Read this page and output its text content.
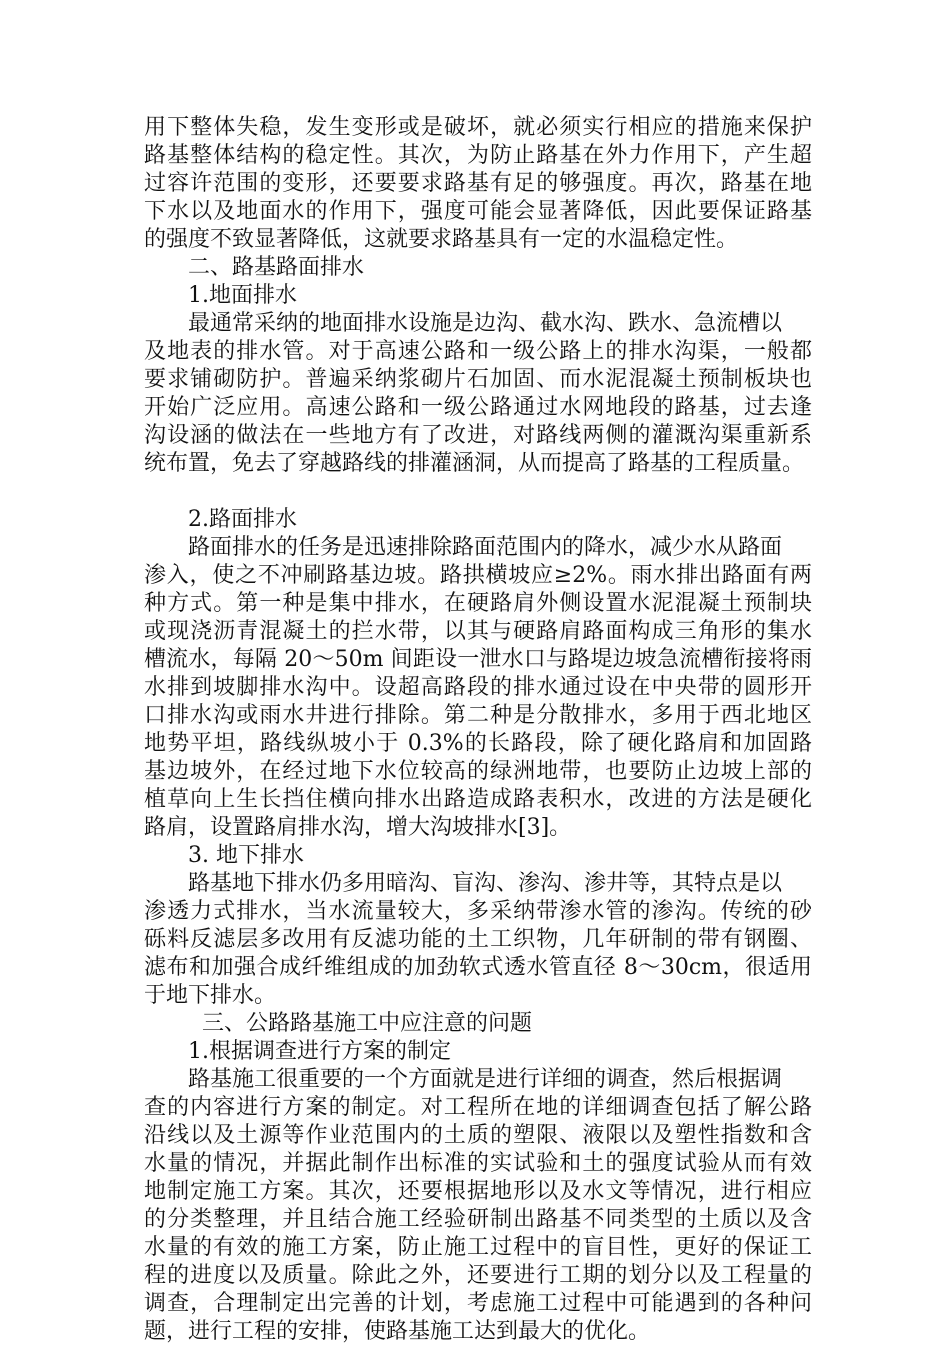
用下整体失稳，发生变形或是破坏，就必须实行相应的措施来保护
路基整体结构的稳定性。其次，为防止路基在外力作用下，产生超
过容许范围的变形，还要要求路基有足的够强度。再次，路基在地
下水以及地面水的作用下，强度可能会显著降低，因此要保证路基
的强度不致显著降低，这就要求路基具有一定的水温稳定性。
二、路基路面排水
1.地面排水
最通常采纳的地面排水设施是边沟、截水沟、跌水、急流槽以
及地表的排水管。对于高速公路和一级公路上的排水沟渠，一般都
要求铺砌防护。普遍采纳浆砌片石加固、而水泥混凝土预制板块也
开始广泛应用。高速公路和一级公路通过水网地段的路基，过去逢
沟设涵的做法在一些地方有了改进，对路线两侧的灌溉沟渠重新系
统布置，免去了穿越路线的排灌涵洞，从而提高了路基的工程质量。
2.路面排水
路面排水的任务是迅速排除路面范围内的降水，减少水从路面
渗入，使之不冲刷路基边坡。路拱横坡应≥2%。雨水排出路面有两
种方式。第一种是集中排水，在硬路肩外侧设置水泥混凝土预制块
或现浇沥青混凝土的拦水带，以其与硬路肩路面构成三角形的集水
槽流水，每隔 20～50m 间距设一泄水口与路堤边坡急流槽衔接将雨
水排到坡脚排水沟中。设超高路段的排水通过设在中央带的圆形开
口排水沟或雨水井进行排除。第二种是分散排水，多用于西北地区
地势平坦，路线纵坡小于 0.3%的长路段，除了硬化路肩和加固路
基边坡外，在经过地下水位较高的绿洲地带，也要防止边坡上部的
植草向上生长挡住横向排水出路造成路表积水，改进的方法是硬化
路肩，设置路肩排水沟，增大沟坡排水[3]。
3. 地下排水
路基地下排水仍多用暗沟、盲沟、渗沟、渗井等，其特点是以
渗透力式排水，当水流量较大，多采纳带渗水管的渗沟。传统的砂
砾料反滤层多改用有反滤功能的土工织物，几年研制的带有钢圈、
滤布和加强合成纤维组成的加劲软式透水管直径 8～30cm，很适用
于地下排水。
三、公路路基施工中应注意的问题
1.根据调查进行方案的制定
路基施工很重要的一个方面就是进行详细的调查，然后根据调
查的内容进行方案的制定。对工程所在地的详细调查包括了解公路
沿线以及土源等作业范围内的土质的塑限、液限以及塑性指数和含
水量的情况，并据此制作出标准的实试验和土的强度试验从而有效
地制定施工方案。其次，还要根据地形以及水文等情况，进行相应
的分类整理，并且结合施工经验研制出路基不同类型的土质以及含
水量的有效的施工方案，防止施工过程中的盲目性，更好的保证工
程的进度以及质量。除此之外，还要进行工期的划分以及工程量的
调查，合理制定出完善的计划，考虑施工过程中可能遇到的各种问
题，进行工程的安排，使路基施工达到最大的优化。
